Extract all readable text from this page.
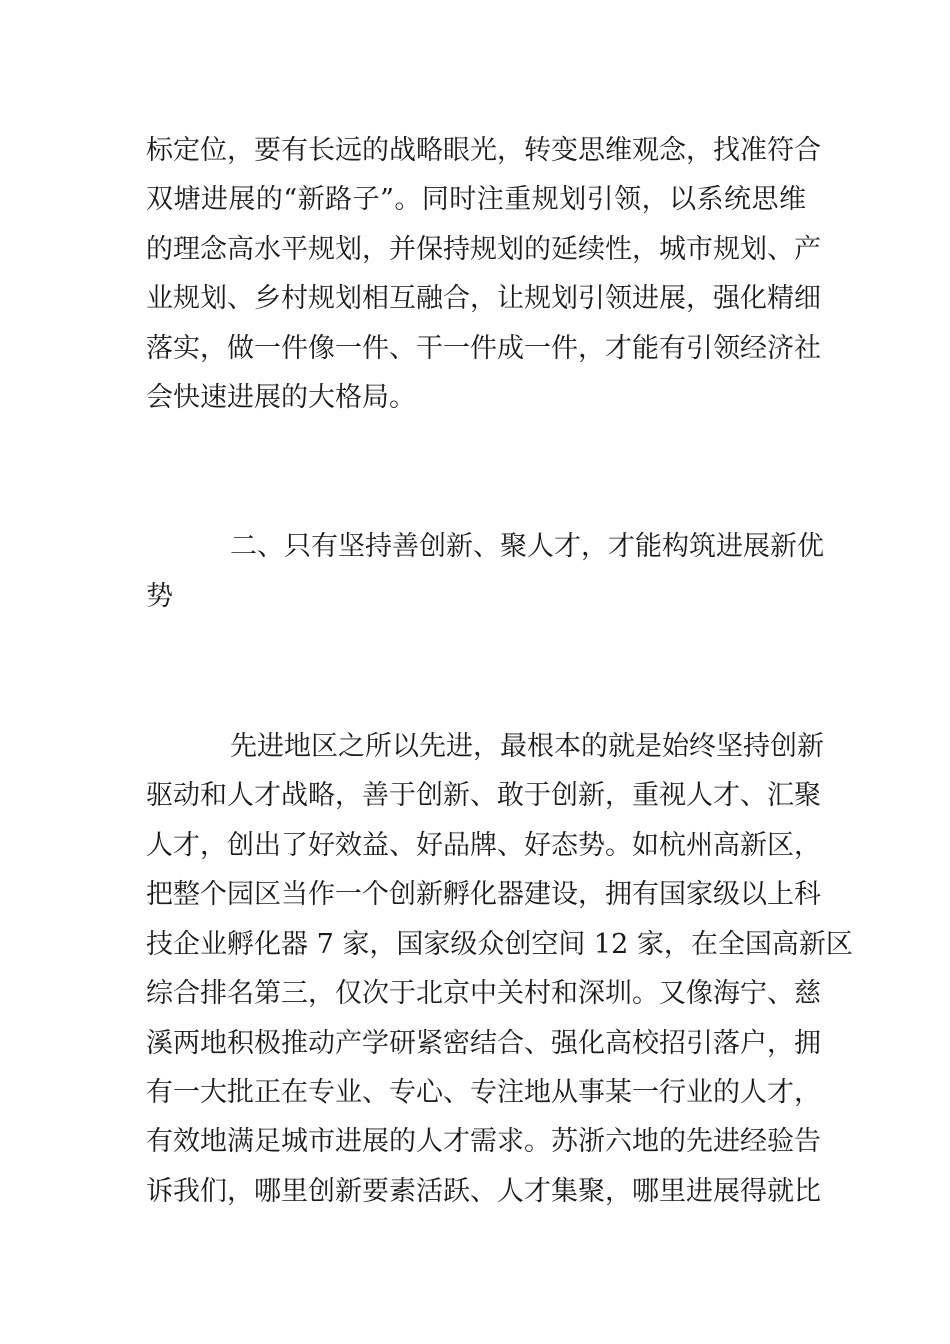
标定位，要有长远的战略眼光，转变思维观念，找准符合
双塘进展的“新路子”。同时注重规划引领，以系统思维
的理念高水平规划，并保持规划的延续性，城市规划、产
业规划、乡村规划相互融合，让规划引领进展，强化精细
落实，做一件像一件、干一件成一件，才能有引领经济社
会快速进展的大格局。
二、只有坚持善创新、聚人才，才能构筑进展新优
势
先进地区之所以先进，最根本的就是始终坚持创新
驱动和人才战略，善于创新、敢于创新，重视人才、汇聚
人才，创出了好效益、好品牌、好态势。如杭州高新区，
把整个园区当作一个创新孵化器建设，拥有国家级以上科
技企业孵化器 7 家，国家级众创空间 12 家，在全国高新区
综合排名第三，仅次于北京中关村和深圳。又像海宁、慈
溪两地积极推动产学研紧密结合、强化高校招引落户，拥
有一大批正在专业、专心、专注地从事某一行业的人才，
有效地满足城市进展的人才需求。苏浙六地的先进经验告
诉我们，哪里创新要素活跃、人才集聚，哪里进展得就比
